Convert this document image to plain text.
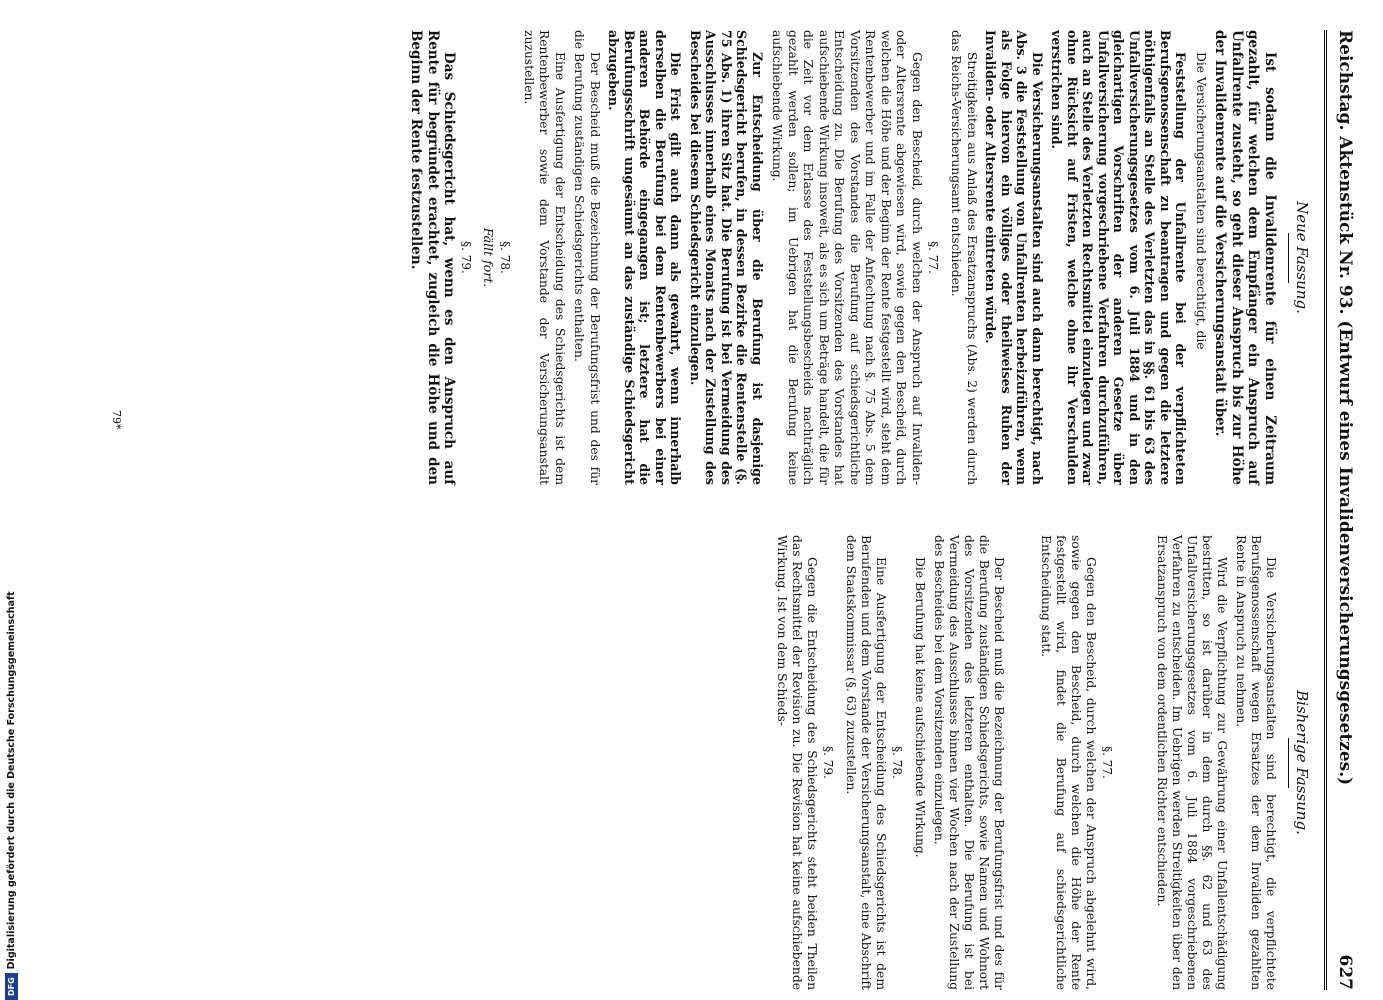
Reichstag. Aktenstück Nr. 93. (Entwurf eines Invalidenversicherungsgesetzes.)
627
Neue Fassung.

Ist sodann die Invalidenrente für einen Zeitraum gezahlt, für welchen dem Empfänger ein Anspruch auf Unfallrente zusteht, so geht dieser Anspruch bis zur Höhe der Invalidenrente auf die Versicherungsanstalt über.

Die Versicherungsanstalten sind berechtigt, die

Feststellung der Unfallrente bei der verpflichteten Berufsgenossenschaft zu beantragen und gegen die letztere nöthigenfalls an Stelle des Verletzten das in §§. 61 bis 63 des Unfallversicherungsgesetzes vom 6. Juli 1884 und in den gleichartigen Vorschriften der anderen Gesetze über Unfallversicherung vorgeschriebene Verfahren durchzuführen, auch an Stelle des Verletzten Rechtsmittel einzulegen und zwar ohne Rücksicht auf Fristen, welche ohne ihr Verschulden verstrichen sind.

Die Versicherungsanstalten sind auch dann berechtigt, nach Abs. 3 die Feststellung von Unfallrenten herbeizuführen, wenn als Folge hiervon ein völliges oder theilweises Ruhen der Invaliden- oder Altersrente eintreten würde.

Streitigkeiten aus Anlaß des Ersatzanspruchs (Abs. 2) werden durch das Reichs-Versicherungsamt entschieden.

§. 77.

Gegen den Bescheid, durch welchen der Anspruch auf Invaliden- oder Altersrente abgewiesen wird, sowie gegen den Bescheid, durch welchen die Höhe und der Beginn der Rente festgestellt wird, steht dem Rentenbewerber und im Falle der Anfechtung nach §. 75 Abs. 5 dem Vorsitzenden des Vorstandes die Berufung auf schiedsgerichtliche Entscheidung zu. Die Berufung des Vorsitzenden des Vorstandes hat aufschiebende Wirkung insoweit, als es sich um Beträge handelt, die für die Zeit vor dem Erlasse des Feststellungsbescheids nachträglich gezahlt werden sollen; im Uebrigen hat die Berufung keine aufschiebende Wirkung.

Zur Entscheidung über die Berufung ist dasjenige Schiedsgericht berufen, in dessen Bezirke die Rentenstelle (§. 75 Abs. 1) ihren Sitz hat. Die Berufung ist bei Vermeidung des Ausschlusses innerhalb eines Monats nach der Zustellung des Bescheides bei diesem Schiedsgericht einzulegen.

Die Frist gilt auch dann als gewahrt, wenn innerhalb derselben die Berufung bei dem Rentenbewerbers bei einer anderen Behörde eingegangen ist; letztere hat die Berufungsschrift ungesäumt an das zuständige Schiedsgericht abzugeben.

Der Bescheid muß die Bezeichnung der Berufungsfrist und des für die Berufung zuständigen Schiedsgerichts enthalten.

Eine Ausfertigung der Entscheidung des Schiedsgerichts ist dem Rentenbewerber sowie dem Vorstande der Versicherungsanstalt zuzustellen.

§. 78.
Fällt fort.
§. 79.

Das Schiedsgericht hat, wenn es den Anspruch auf Rente für begründet erachtet, zugleich die Höhe und den Beginn der Rente festzustellen.

Bisherige Fassung.

Die Versicherungsanstalten sind berechtigt, die verpflichtete Berufsgenossenschaft wegen Ersatzes der dem Invaliden gezahlten Rente in Anspruch zu nehmen.

Wird die Verpflichtung zur Gewährung einer Unfallentschädigung bestritten, so ist darüber in dem durch §§. 62 und 63 des Unfallversicherungsgesetzes vom 6. Juli 1884 vorgeschriebenen Verfahren zu entscheiden. Im Uebrigen werden Streitigkeiten über den Ersatzanspruch von dem ordentlichen Richter entschieden.

§. 77.

Gegen den Bescheid, durch welchen der Anspruch abgelehnt wird, sowie gegen den Bescheid, durch welchen die Höhe der Rente festgestellt wird, findet die Berufung auf schiedsgerichtliche Entscheidung statt.

Der Bescheid muß die Bezeichnung der Berufungsfrist und des für die Berufung zuständigen Schiedsgerichts, sowie Namen und Wohnort des Vorsitzenden des letzteren enthalten. Die Berufung ist bei Vermeidung des Ausschlusses binnen vier Wochen nach der Zustellung des Bescheides bei dem Vorsitzenden einzulegen.

Die Berufung hat keine aufschiebende Wirkung.

§. 78.

Eine Ausfertigung der Entscheidung des Schiedsgerichts ist dem Berufenden und dem Vorstande der Versicherungsanstalt, eine Abschrift dem Staatskommissar (§. 63) zuzustellen.

§. 79.

Gegen die Entscheidung des Schiedsgerichts steht beiden Theilen das Rechtsmittel der Revision zu. Die Revision hat keine aufschiebende Wirkung. Ist von dem Schieds-

79*
DFG
Digitalisierung gefördert durch die Deutsche Forschungsgemeinschaft
